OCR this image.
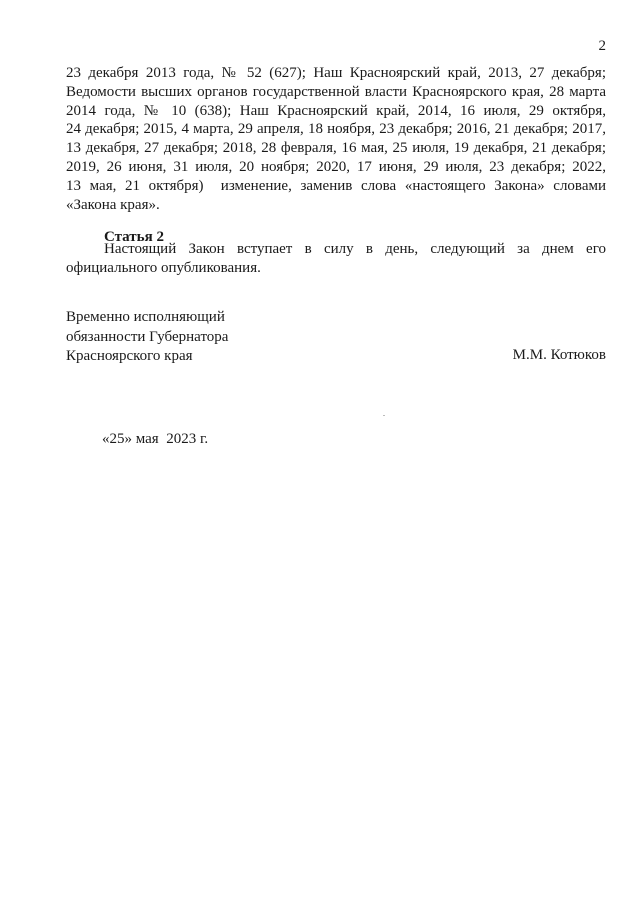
2
23 декабря 2013 года, № 52 (627); Наш Красноярский край, 2013, 27 декабря;
Ведомости высших органов государственной власти Красноярского края, 28 марта
2014 года, № 10 (638); Наш Красноярский край, 2014, 16 июля, 29 октября,
24 декабря; 2015, 4 марта, 29 апреля, 18 ноября, 23 декабря; 2016, 21 декабря; 2017,
13 декабря, 27 декабря; 2018, 28 февраля, 16 мая, 25 июля, 19 декабря, 21 декабря;
2019, 26 июня, 31 июля, 20 ноября; 2020, 17 июня, 29 июля, 23 декабря; 2022,
13 мая, 21 октября)  изменение, заменив слова «настоящего Закона» словами
«Закона края».
Статья 2
Настоящий Закон вступает в силу в день, следующий за днем его
официального опубликования.
Временно исполняющий
обязанности Губернатора
Красноярского края	М.М. Котюков
«25» мая  2023 г.
